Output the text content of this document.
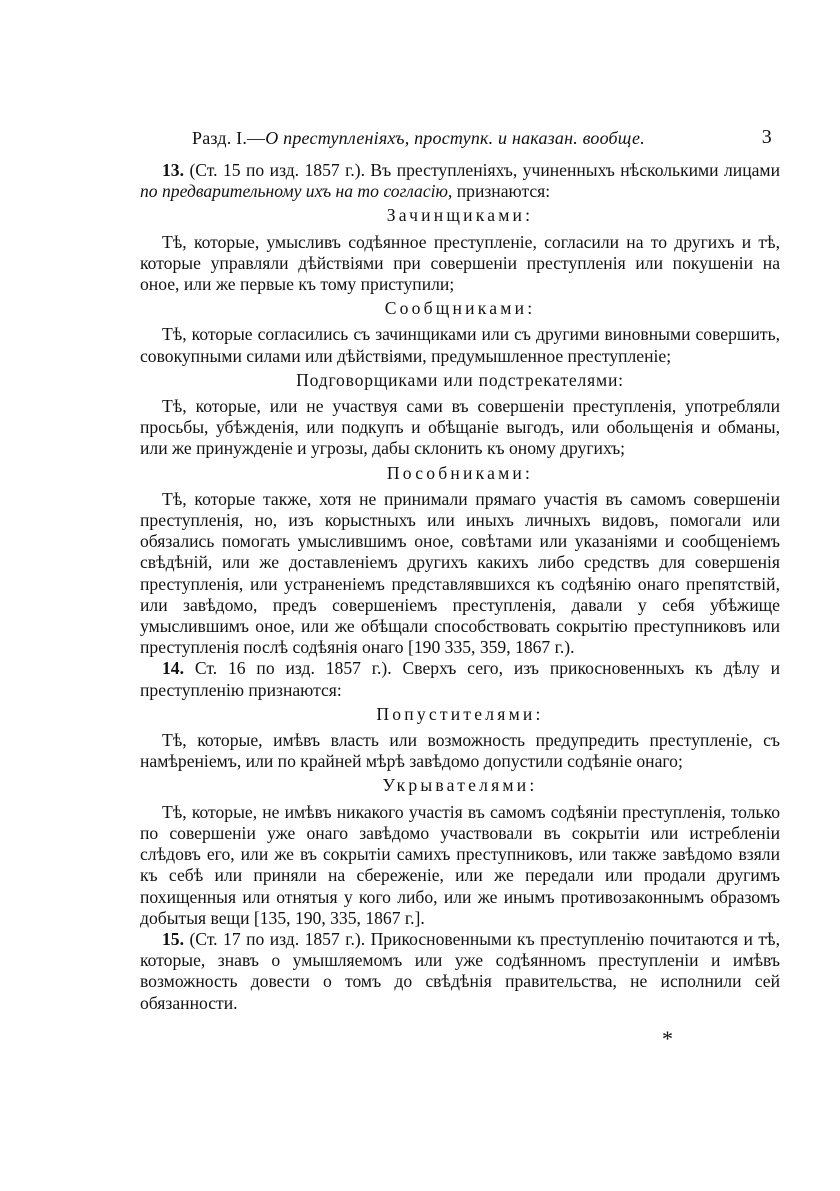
Разд. I.—О преступленіяхъ, проступк. и наказан. вообще.	3

13. (Ст. 15 по изд. 1857 г.). Въ преступленіяхъ, учиненныхъ нѣсколькими лицами по предварительному ихъ на то согласію, признаются:

Зачинщиками:

Тѣ, которые, умысливъ содѣянное преступленіе, согласили на то другихъ и тѣ, которые управляли дѣйствіями при совершеніи преступленія или покушеніи на оное, или же первые къ тому приступили;

Сообщниками:

Тѣ, которые согласились съ зачинщиками или съ другими виновными совершить, совокупными силами или дѣйствіями, предумышленное преступленіе;

Подговорщиками или подстрекателями:

Тѣ, которые, или не участвуя сами въ совершеніи преступленія, употребляли просьбы, убѣжденія, или подкупъ и обѣщаніе выгодъ, или обольщенія и обманы, или же принужденіе и угрозы, дабы склонить къ оному другихъ;

Пособниками:

Тѣ, которые также, хотя не принимали прямаго участія въ самомъ совершеніи преступленія, но, изъ корыстныхъ или иныхъ личныхъ видовъ, помогали или обязались помогать умыслившимъ оное, совѣтами или указаніями и сообщеніемъ свѣдѣній, или же доставленіемъ другихъ какихъ либо средствъ для совершенія преступленія, или устраненіемъ представлявшихся къ содѣянію онаго препятствій, или завѣдомо, предъ совершеніемъ преступленія, давали у себя убѣжище умыслившимъ оное, или же обѣщали способствовать сокрытію преступниковъ или преступленія послѣ содѣянія онаго [190 335, 359, 1867 г.).

14. Ст. 16 по изд. 1857 г.). Сверхъ сего, изъ прикосновенныхъ къ дѣлу и преступленію признаются:

Попустителями:

Тѣ, которые, имѣвъ власть или возможность предупредить преступленіе, съ намѣреніемъ, или по крайней мѣрѣ завѣдомо допустили содѣяніе онаго;

Укрывателями:

Тѣ, которые, не имѣвъ никакого участія въ самомъ содѣяніи преступленія, только по совершеніи уже онаго завѣдомо участвовали въ сокрытіи или истребленіи слѣдовъ его, или же въ сокрытіи самихъ преступниковъ, или также завѣдомо взяли къ себѣ или приняли на сбереженіе, или же передали или продали другимъ похищенныя или отнятыя у кого либо, или же инымъ противозаконнымъ образомъ добытыя вещи [135, 190, 335, 1867 г.].

15. (Ст. 17 по изд. 1857 г.). Прикосновенными къ преступленію почитаются и тѣ, которые, знавъ о умышляемомъ или уже содѣянномъ преступленіи и имѣвъ возможность довести о томъ до свѣдѣнія правительства, не исполнили сей обязанности.

*
